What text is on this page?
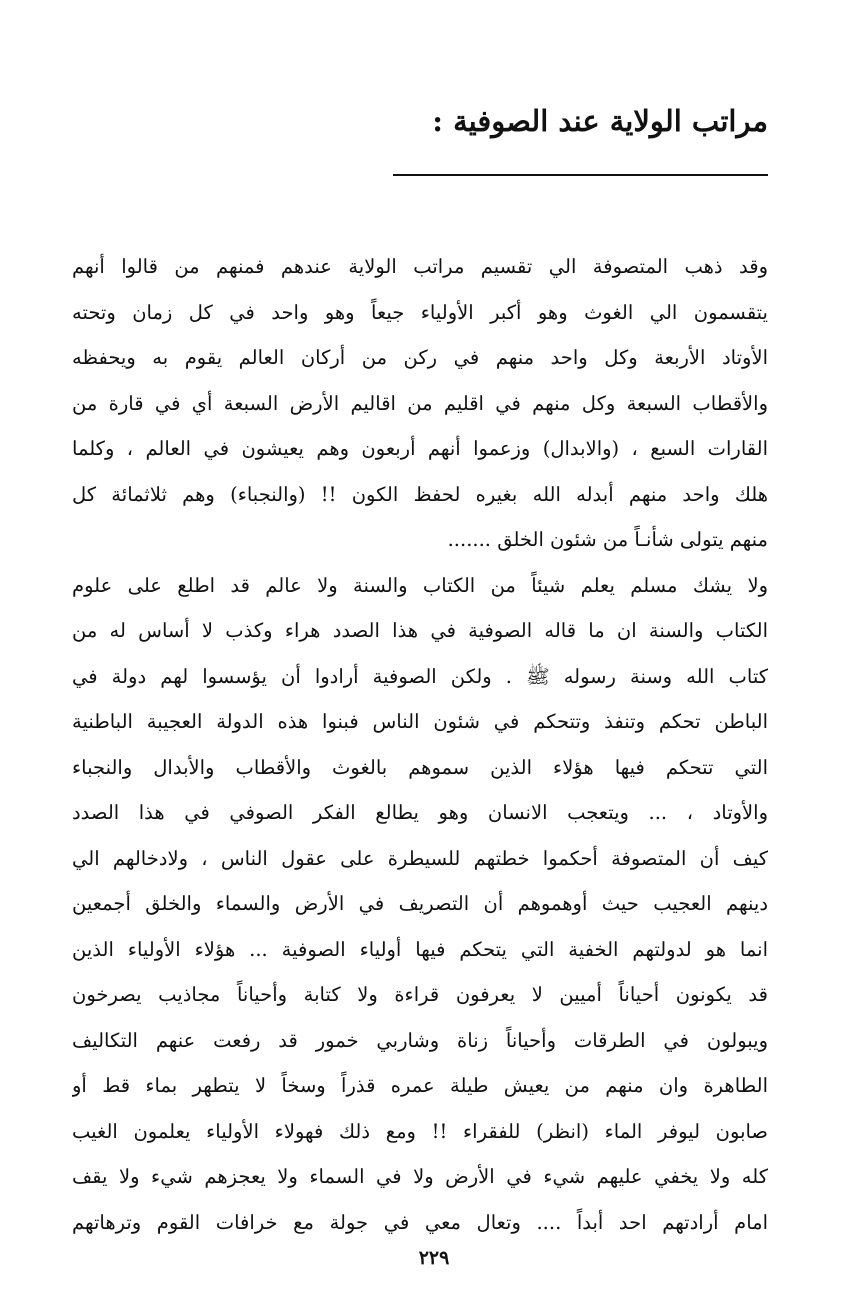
مراتب الولاية عند الصوفية :
وقد ذهب المتصوفة الي تقسيم مراتب الولاية عندهم فمنهم من قالوا أنهم
يتقسمون الي الغوث وهو أكبر الأولياء جيعاً وهو واحد في كل زمان وتحته
الأوتاد الأربعة وكل واحد منهم في ركن من أركان العالم يقوم به ويحفظه
والأقطاب السبعة وكل منهم في اقليم من اقاليم الأرض السبعة أي في قارة من
القارات السبع ، (والابدال) وزعموا أنهم أربعون وهم يعيشون في العالم ، وكلما
هلك واحد منهم أبدله الله بغيره لحفظ الكون !! (والنجباء) وهم ثلاثمائة كل
منهم يتولى شأنـاً من شئون الخلق .......
ولا يشك مسلم يعلم شيئاً من الكتاب والسنة ولا عالم قد اطلع على علوم
الكتاب والسنة ان ما قاله الصوفية في هذا الصدد هراء وكذب لا أساس له من
كتاب الله وسنة رسوله ﷺ . ولكن الصوفية أرادوا أن يؤسسوا لهم دولة في
الباطن تحكم وتنفذ وتتحكم في شئون الناس فبنوا هذه الدولة العجيبة الباطنية
التي تتحكم فيها هؤلاء الذين سموهم بالغوث والأقطاب والأبدال والنجباء
والأوتاد ، ... ويتعجب الانسان وهو يطالع الفكر الصوفي في هذا الصدد
كيف أن المتصوفة أحكموا خطتهم للسيطرة على عقول الناس ، ولادخالهم الي
دينهم العجيب حيث أوهموهم أن التصريف في الأرض والسماء والخلق أجمعين
انما هو لدولتهم الخفية التي يتحكم فيها أولياء الصوفية ... هؤلاء الأولياء الذين
قد يكونون أحياناً أميين لا يعرفون قراءة ولا كتابة وأحياناً مجاذيب يصرخون
ويبولون في الطرقات وأحياناً زناة وشاربي خمور قد رفعت عنهم التكاليف
الطاهرة وان منهم من يعيش طيلة عمره قذراً وسخاً لا يتطهر بماء قط أو
صابون ليوفر الماء (انظر) للفقراء !! ومع ذلك فهولاء الأولياء يعلمون الغيب
كله ولا يخفي عليهم شيء في الأرض ولا في السماء ولا يعجزهم شيء ولا يقف
امام أرادتهم احد أبداً .... وتعال معي في جولة مع خرافات القوم وترهاتهم
٢٢٩
